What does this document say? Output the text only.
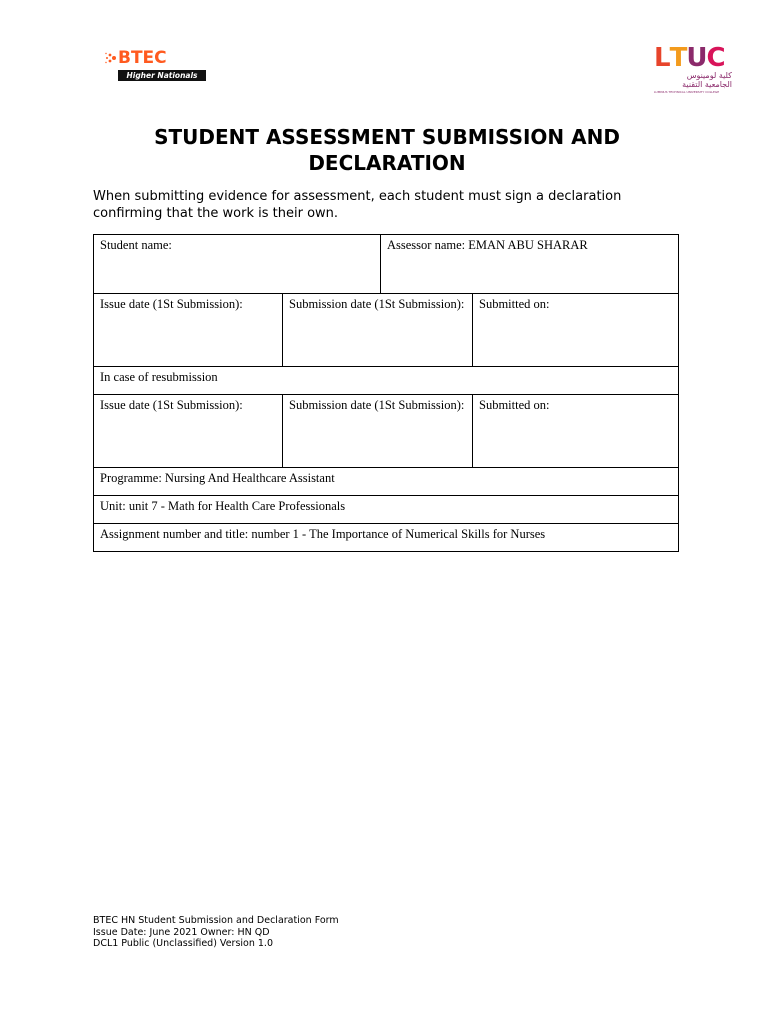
BTEC
Higher Nationals
LTUC
كلية لومينوس
الجامعية التقنية
LUMINUS TECHNICAL UNIVERSITY COLLEGE
STUDENT ASSESSMENT SUBMISSION AND DECLARATION
When submitting evidence for assessment, each student must sign a declaration confirming that the work is their own.
Student name:		Assessor name: EMAN ABU SHARAR	
Issue date (1St Submission):	Submission date (1St Submission):		Submitted on:
In case of resubmission			
Issue date (1St Submission):	Submission date (1St Submission):		Submitted on:
Programme: Nursing And Healthcare Assistant			
Unit: unit 7 - Math for Health Care Professionals			
Assignment number and title: number 1 - The Importance of Numerical Skills for Nurses			
BTEC HN Student Submission and Declaration Form
Issue Date: June 2021 Owner: HN QD
DCL1 Public (Unclassified) Version 1.0
